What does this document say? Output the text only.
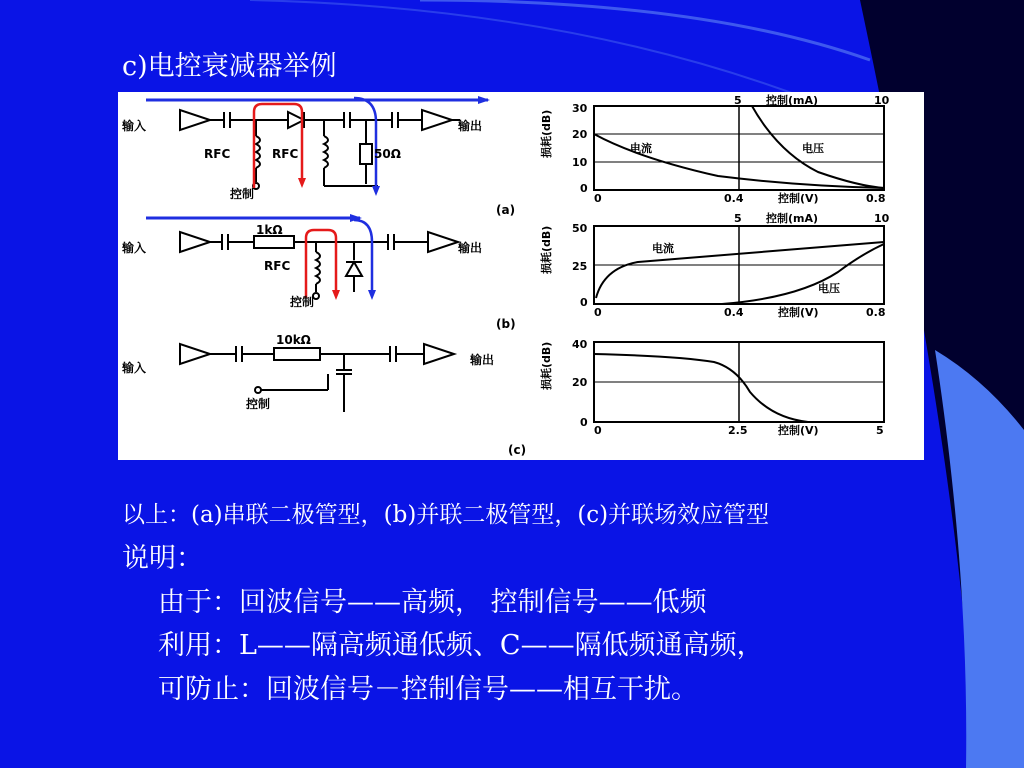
c)电控衰减器举例
输入	输出
RFC	RFC	50Ω
控制
(a)
输入	输出
1kΩ
RFC
控制
(b)
输入
输出
10kΩ
控制
(c)
30
20
10
0
0	0.4	0.8
控制(V)
5	10
控制(mA)
电流	电压
损耗(dB)
50
25
0
0	0.4	0.8
控制(V)
5	10
控制(mA)
电流
电压
损耗(dB)
40
20
0
0	2.5	5
控制(V)
损耗(dB)
以上：(a)串联二极管型，(b)并联二极管型，(c)并联场效应管型
说明：
由于：回波信号——高频， 控制信号——低频
利用：L——隔高频通低频、C——隔低频通高频，
可防止：回波信号－控制信号——相互干扰。
